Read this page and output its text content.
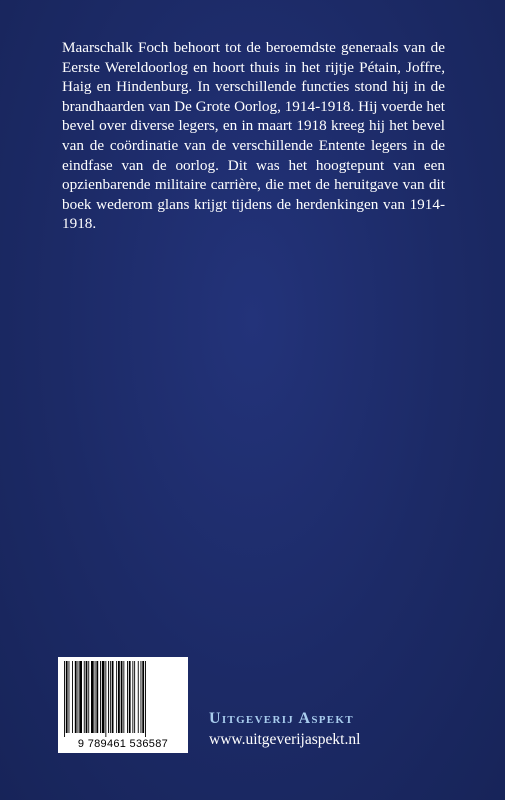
Maarschalk Foch behoort tot de beroemdste generaals van de Eerste Wereldoorlog en hoort thuis in het rijtje Pétain, Joffre, Haig en Hindenburg. In verschillende functies stond hij in de brandhaarden van De Grote Oorlog, 1914-1918. Hij voerde het bevel over diverse legers, en in maart 1918 kreeg hij het bevel van de coördinatie van de verschillende Entente legers in de eindfase van de oorlog. Dit was het hoogtepunt van een opzienbarende militaire carrière, die met de heruitgave van dit boek wederom glans krijgt tijdens de herdenkingen van 1914-1918.

9 789461 536587
Uitgeverij Aspekt
www.uitgeverijaspekt.nl
